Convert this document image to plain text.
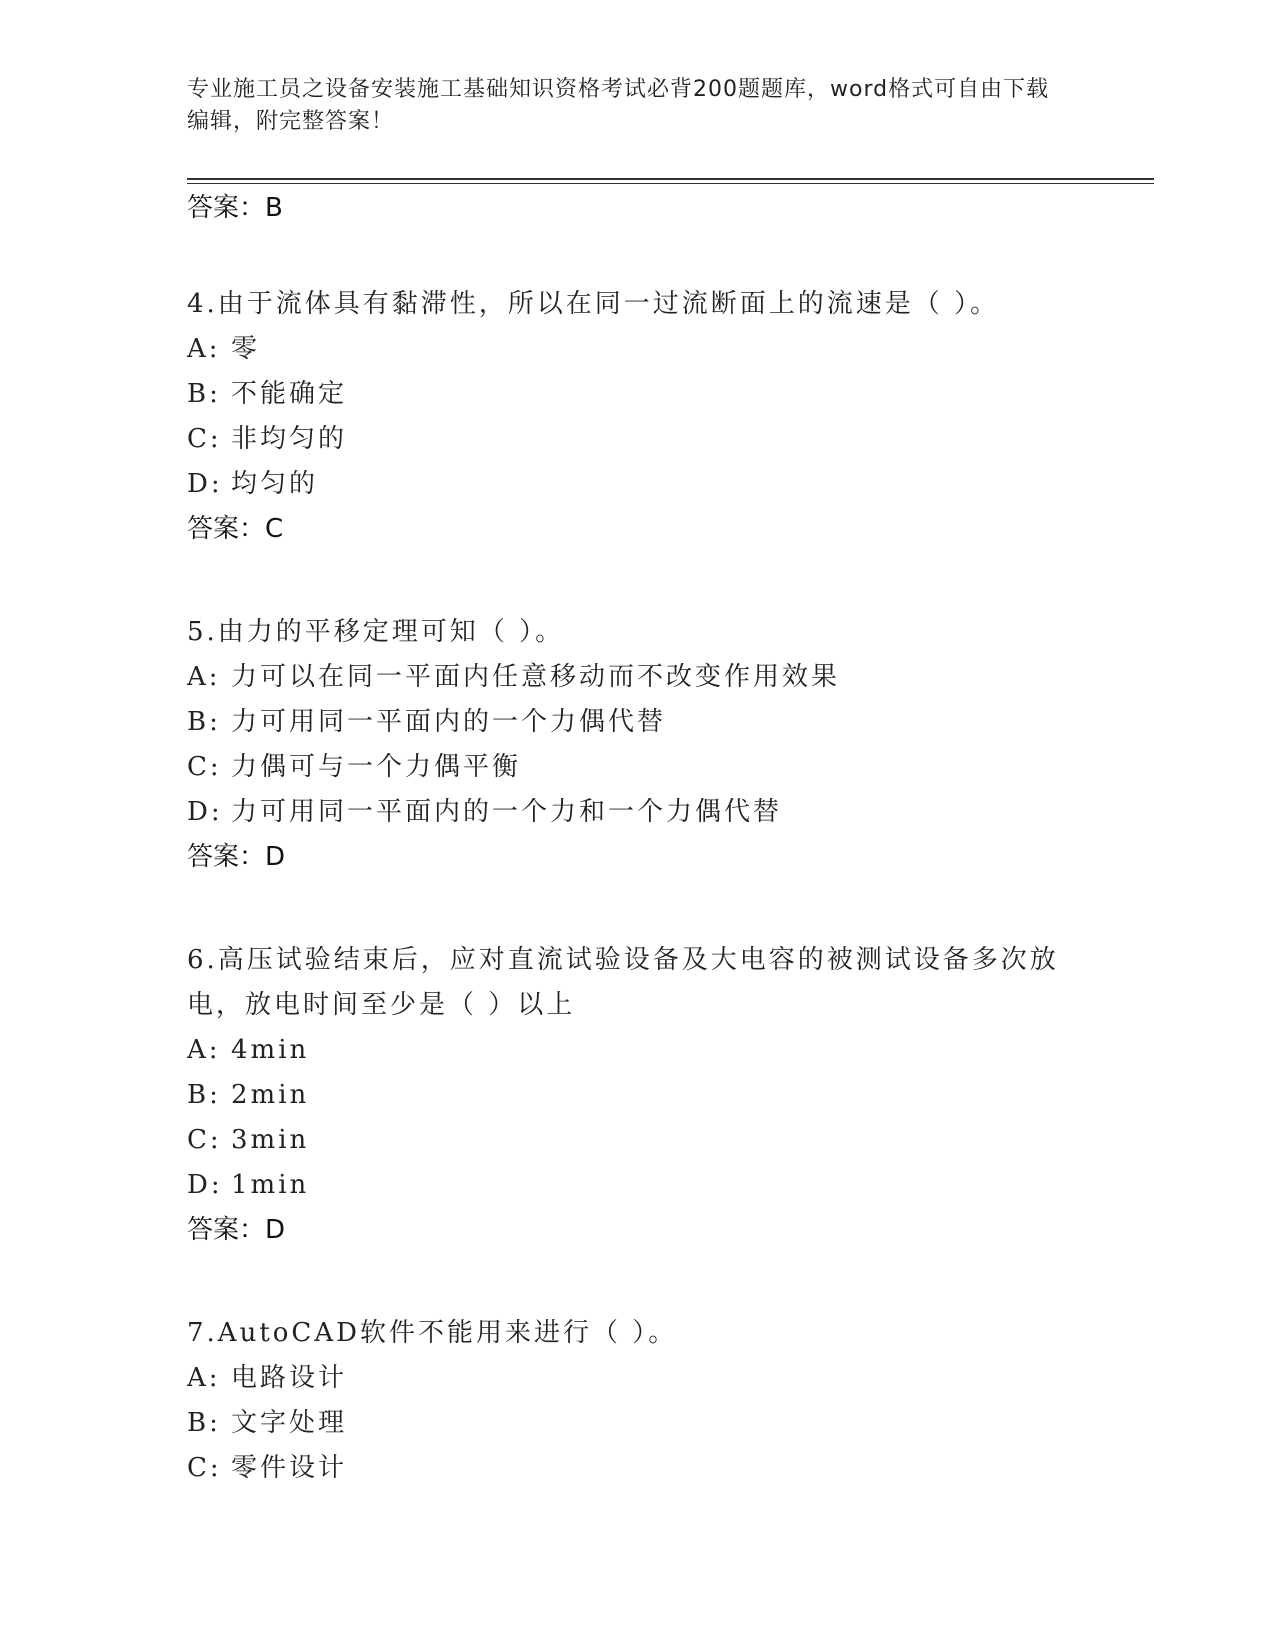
专业施工员之设备安装施工基础知识资格考试必背200题题库，word格式可自由下载编辑，附完整答案！
答案：B
4.由于流体具有黏滞性，所以在同一过流断面上的流速是（ ）。
A: 零
B: 不能确定
C: 非均匀的
D: 均匀的
答案：C
5.由力的平移定理可知（ ）。
A: 力可以在同一平面内任意移动而不改变作用效果
B: 力可用同一平面内的一个力偶代替
C: 力偶可与一个力偶平衡
D: 力可用同一平面内的一个力和一个力偶代替
答案：D
6.高压试验结束后，应对直流试验设备及大电容的被测试设备多次放电，放电时间至少是（ ）以上
A: 4min
B: 2min
C: 3min
D: 1min
答案：D
7.AutoCAD软件不能用来进行（ ）。
A: 电路设计
B: 文字处理
C: 零件设计
